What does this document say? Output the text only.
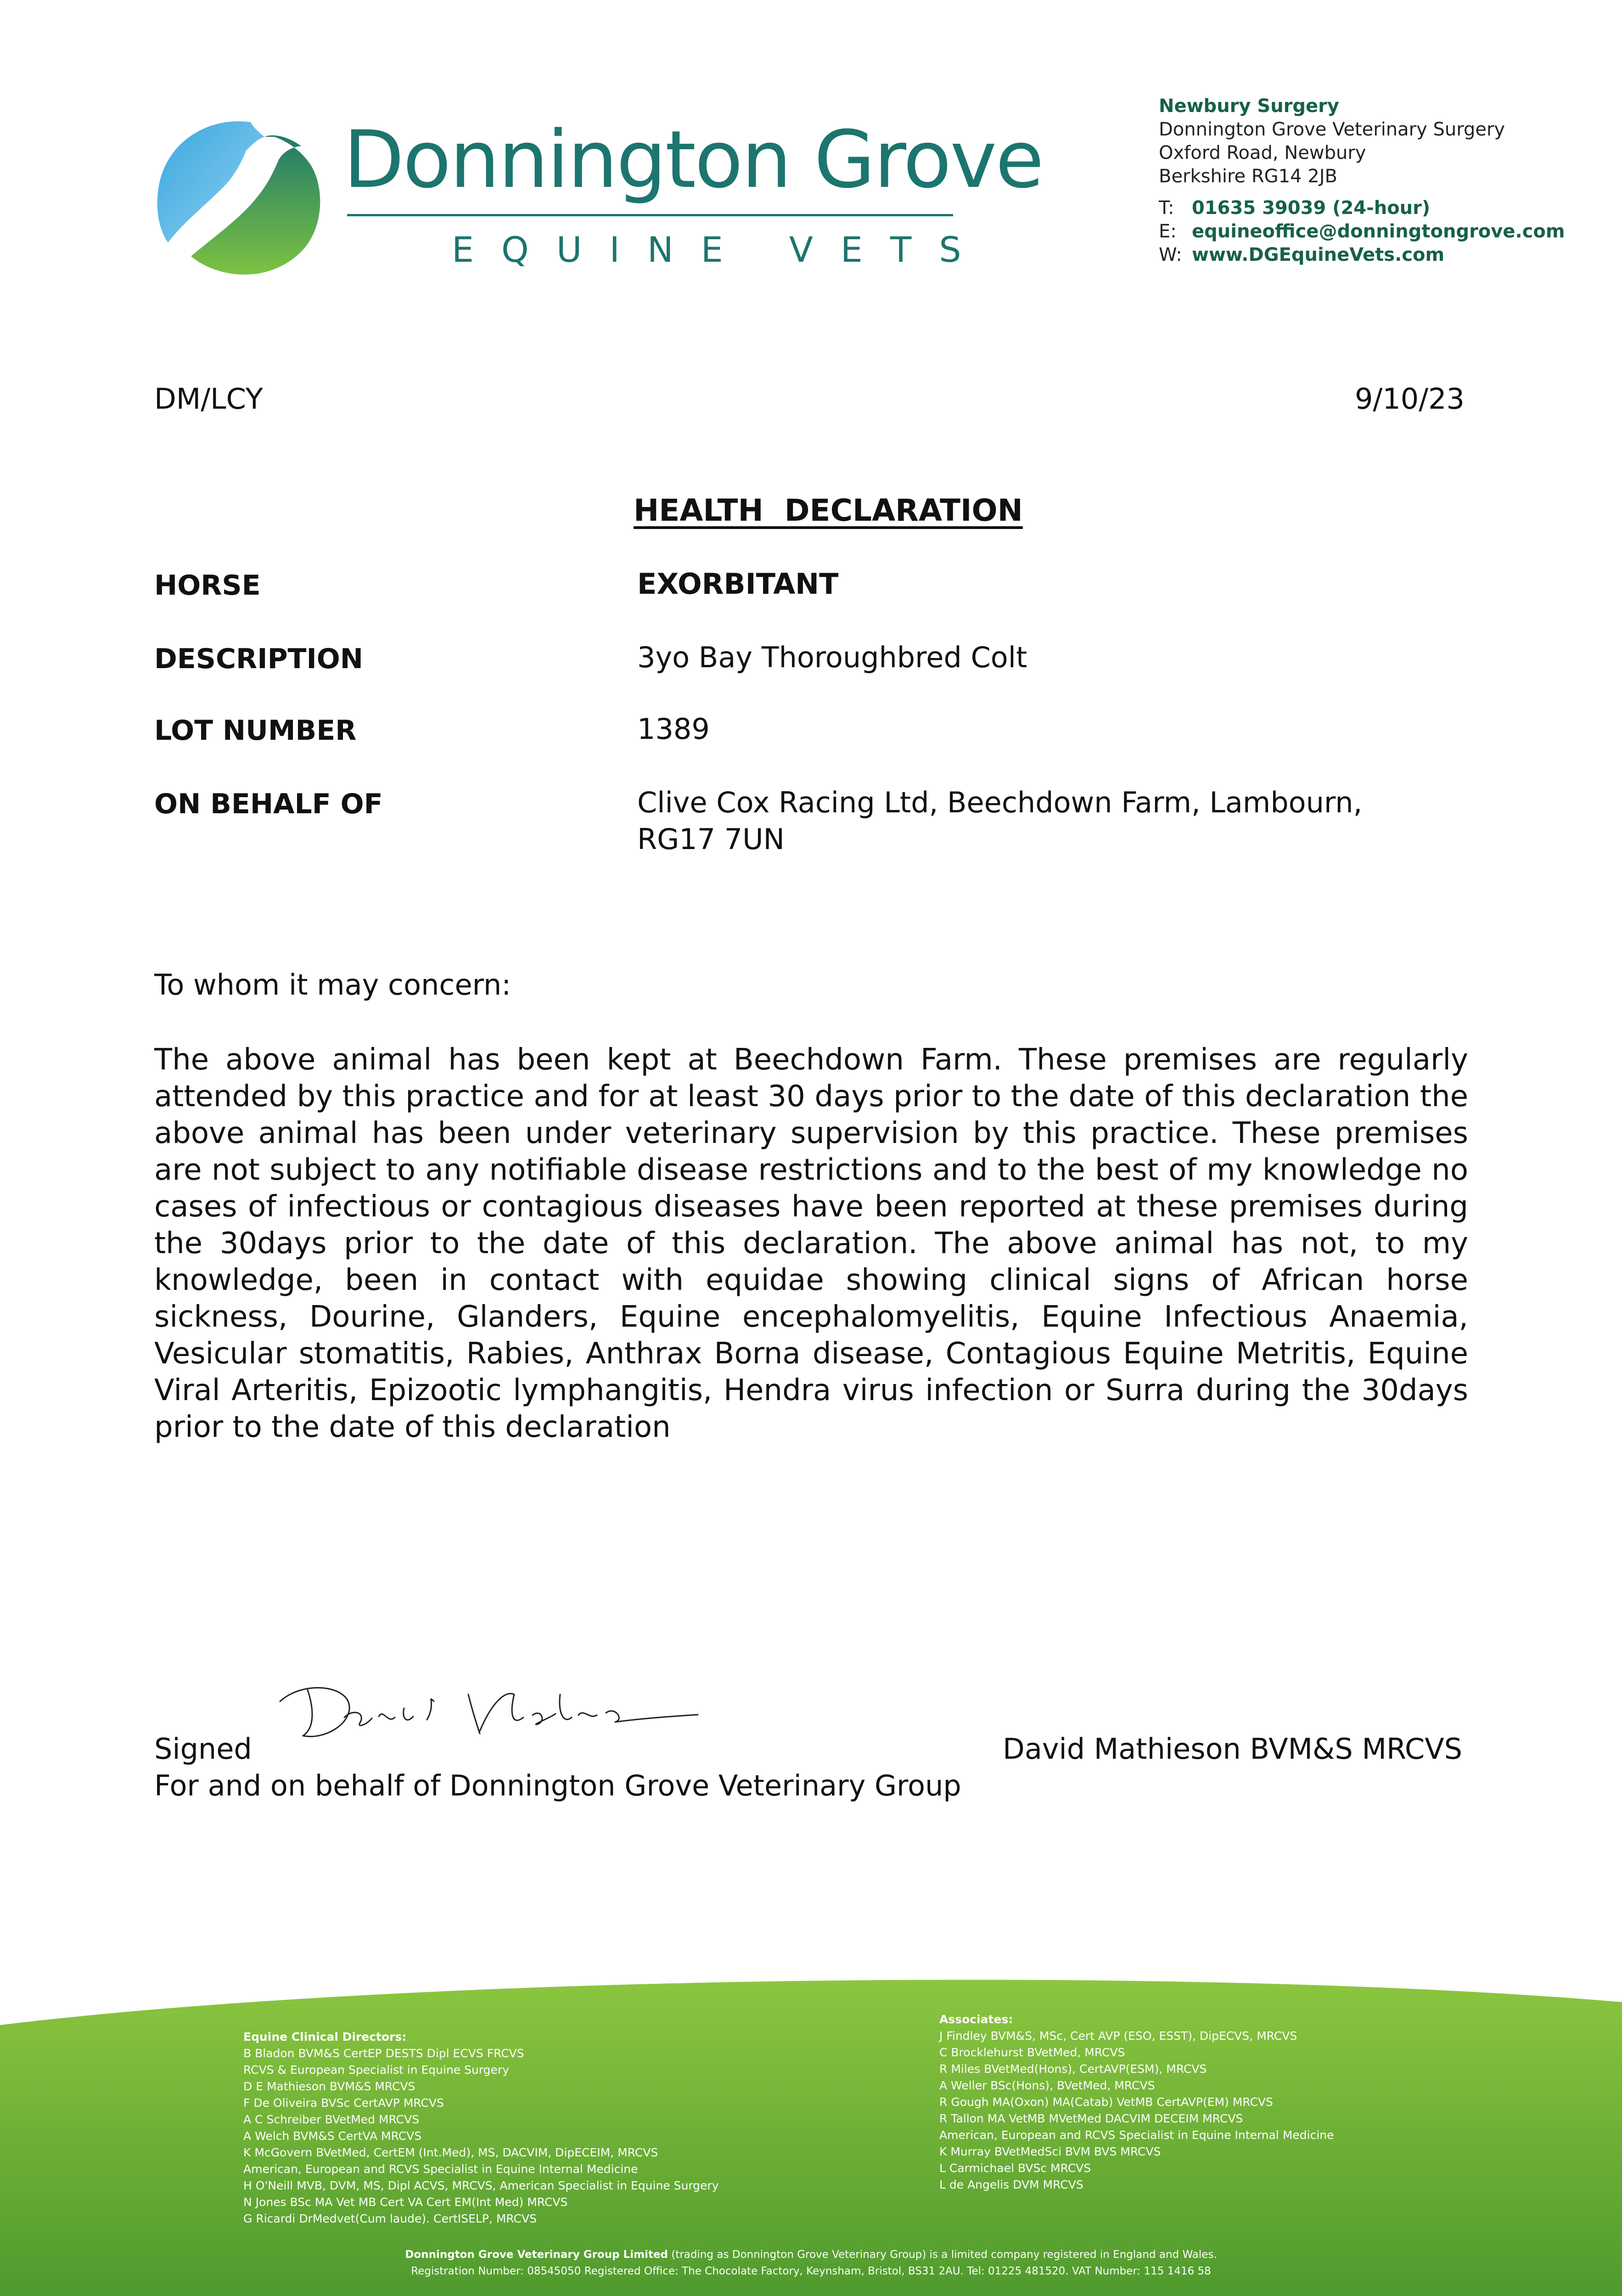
Donnington Grove
EQUINE VETS
Newbury Surgery
Donnington Grove Veterinary Surgery
Oxford Road, Newbury
Berkshire RG14 2JB
T: 01635 39039 (24-hour)
E: equineoffice@donningtongrove.com
W: www.DGEquineVets.com
DM/LCY	9/10/23
HEALTH  DECLARATION
HORSE	EXORBITANT
DESCRIPTION	3yo Bay Thoroughbred Colt
LOT NUMBER	1389
ON BEHALF OF	Clive Cox Racing Ltd, Beechdown Farm, Lambourn, RG17 7UN
To whom it may concern:
The above animal has been kept at Beechdown Farm. These premises are regularly attended by this practice and for at least 30 days prior to the date of this declaration the above animal has been under veterinary supervision by this practice. These premises are not subject to any notifiable disease restrictions and to the best of my knowledge no cases of infectious or contagious diseases have been reported at these premises during the 30days prior to the date of this declaration. The above animal has not, to my knowledge, been in contact with equidae showing clinical signs of African horse sickness, Dourine, Glanders, Equine encephalomyelitis, Equine Infectious Anaemia, Vesicular stomatitis, Rabies, Anthrax Borna disease, Contagious Equine Metritis, Equine Viral Arteritis, Epizootic lymphangitis, Hendra virus infection or Surra during the 30days prior to the date of this declaration
Signed	David Mathieson BVM&S MRCVS
For and on behalf of Donnington Grove Veterinary Group
Equine Clinical Directors:
B Bladon BVM&S CertEP DESTS Dipl ECVS FRCVS
RCVS & European Specialist in Equine Surgery
D E Mathieson BVM&S MRCVS
F De Oliveira BVSc CertAVP MRCVS
A C Schreiber BVetMed MRCVS
A Welch BVM&S CertVA MRCVS
K McGovern BVetMed, CertEM (Int.Med), MS, DACVIM, DipECEIM, MRCVS
American, European and RCVS Specialist in Equine Internal Medicine
H O'Neill MVB, DVM, MS, Dipl ACVS, MRCVS, American Specialist in Equine Surgery
N Jones BSc MA Vet MB Cert VA Cert EM(Int Med) MRCVS
G Ricardi DrMedvet(Cum laude). CertISELP, MRCVS
Associates:
J Findley BVM&S, MSc, Cert AVP (ESO, ESST), DipECVS, MRCVS
C Brocklehurst BVetMed, MRCVS
R Miles BVetMed(Hons), CertAVP(ESM), MRCVS
A Weller BSc(Hons), BVetMed, MRCVS
R Gough MA(Oxon) MA(Catab) VetMB CertAVP(EM) MRCVS
R Tallon MA VetMB MVetMed DACVIM DECEIM MRCVS
American, European and RCVS Specialist in Equine Internal Medicine
K Murray BVetMedSci BVM BVS MRCVS
L Carmichael BVSc MRCVS
L de Angelis DVM MRCVS
Donnington Grove Veterinary Group Limited (trading as Donnington Grove Veterinary Group) is a limited company registered in England and Wales.
Registration Number: 08545050 Registered Office: The Chocolate Factory, Keynsham, Bristol, BS31 2AU. Tel: 01225 481520. VAT Number: 115 1416 58
